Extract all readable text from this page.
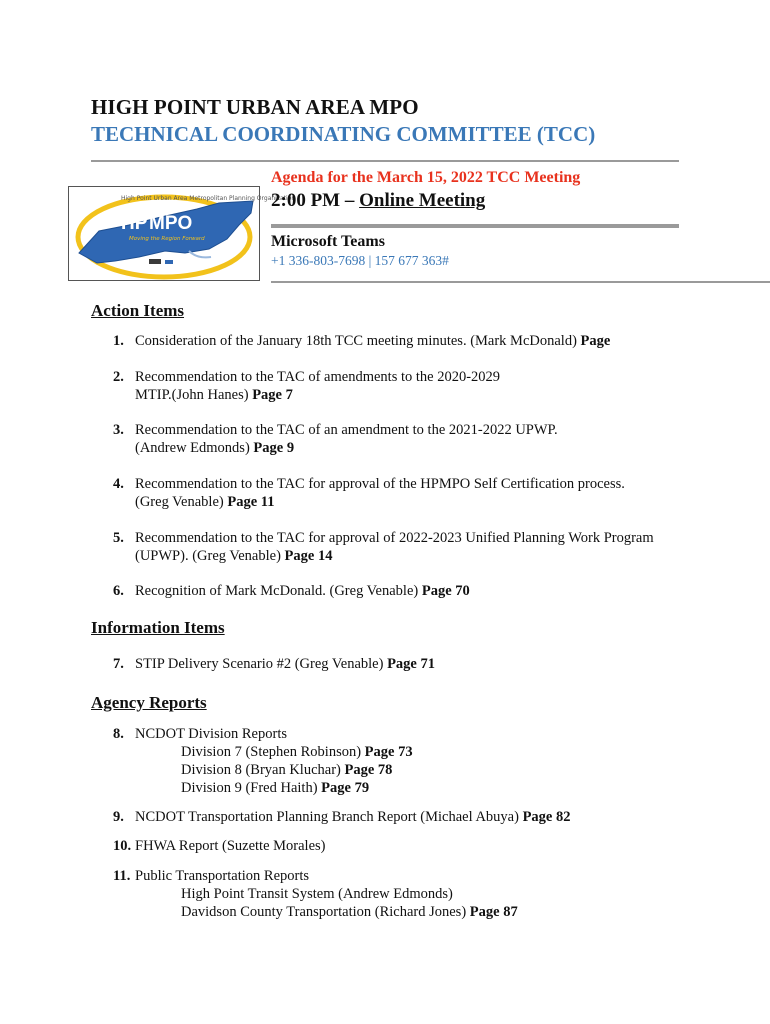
HIGH POINT URBAN AREA MPO
TECHNICAL COORDINATING COMMITTEE (TCC)
High Point Urban Area Metropolitan Planning Organization
HP MPO
Moving the Region Forward
Agenda for the March 15, 2022 TCC Meeting
2:00 PM – Online Meeting
Microsoft Teams
+1 336-803-7698 | 157 677 363#
Action Items
1. Consideration of the January 18th TCC meeting minutes. (Mark McDonald) Page
2. Recommendation to the TAC of amendments to the 2020-2029
MTIP.(John Hanes) Page 7
3. Recommendation to the TAC of an amendment to the 2021-2022 UPWP.
(Andrew Edmonds) Page 9
4. Recommendation to the TAC for approval of the HPMPO Self Certification process.
(Greg Venable) Page 11
5. Recommendation to the TAC for approval of 2022-2023 Unified Planning Work Program
(UPWP). (Greg Venable) Page 14
6. Recognition of Mark McDonald. (Greg Venable) Page 70
Information Items
7. STIP Delivery Scenario #2 (Greg Venable) Page 71
Agency Reports
8. NCDOT Division Reports
Division 7 (Stephen Robinson) Page 73
Division 8 (Bryan Kluchar) Page 78
Division 9 (Fred Haith) Page 79
9. NCDOT Transportation Planning Branch Report (Michael Abuya) Page 82
10. FHWA Report (Suzette Morales)
11. Public Transportation Reports
High Point Transit System (Andrew Edmonds)
Davidson County Transportation (Richard Jones) Page 87
